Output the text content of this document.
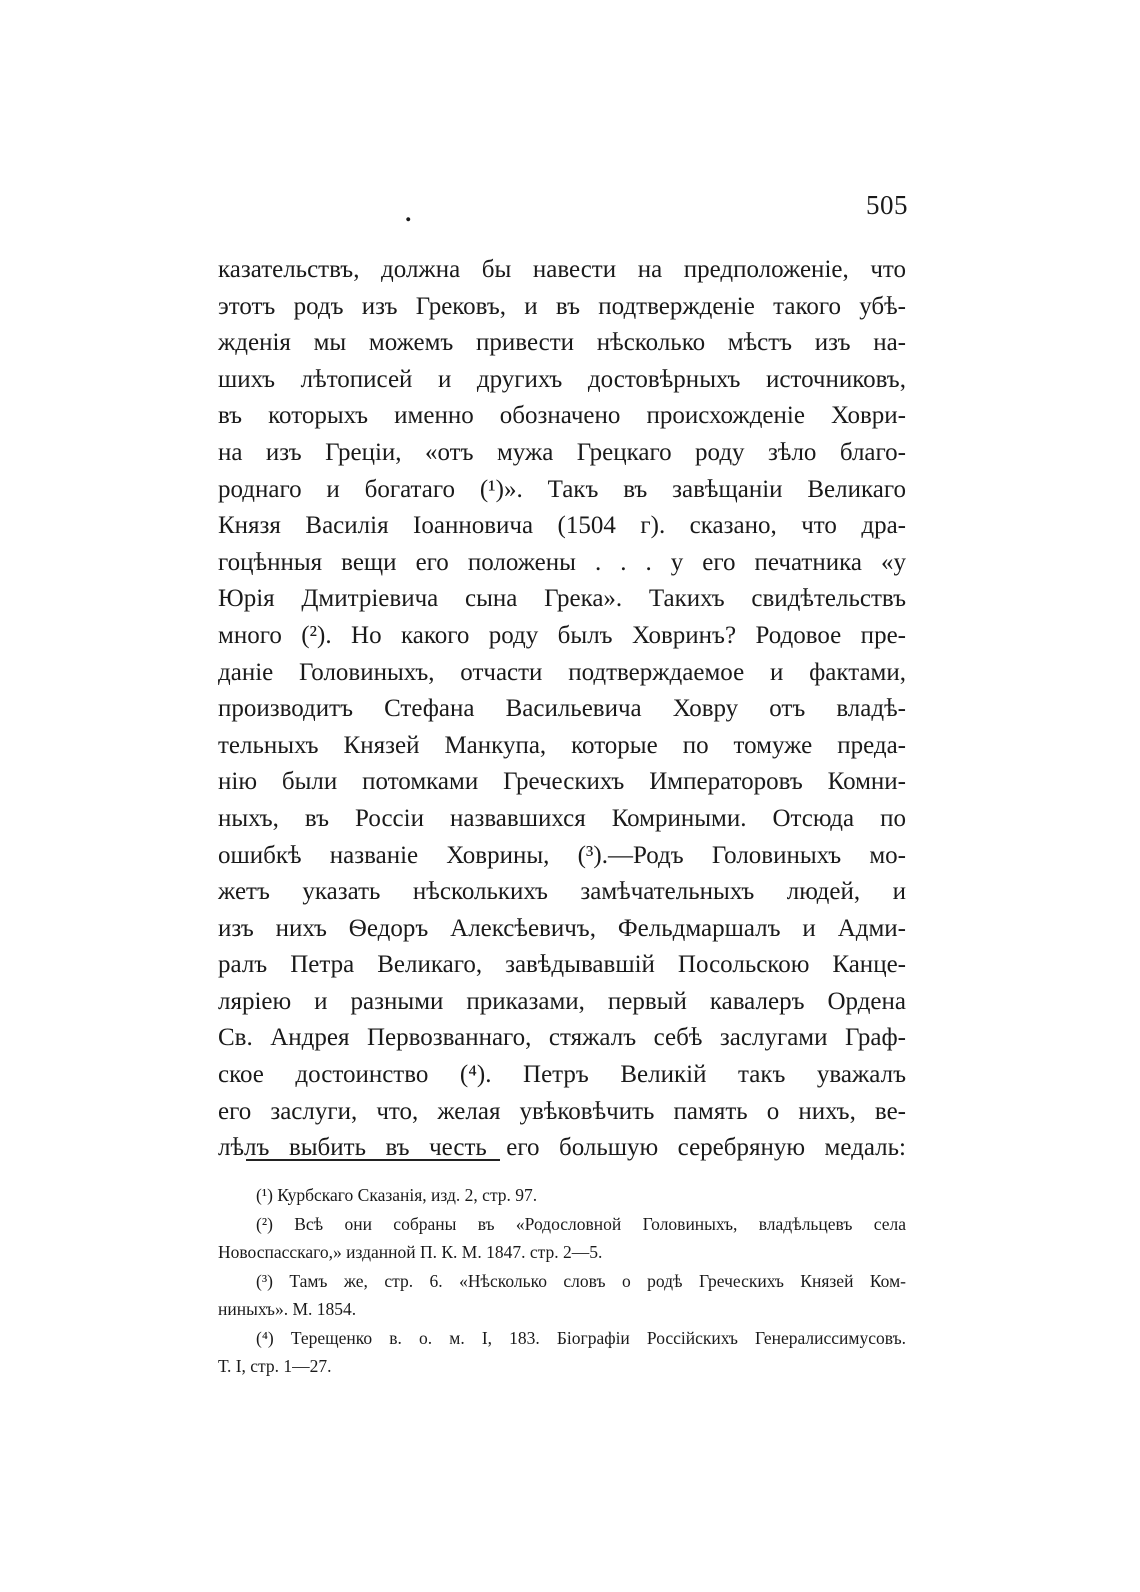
.	505
казательствъ, должна бы навести на предположеніе, что
этотъ родъ изъ Грековъ, и въ подтвержденіе такого убѣ-
жденія мы можемъ привести нѣсколько мѣстъ изъ на-
шихъ лѣтописей и другихъ достовѣрныхъ источниковъ,
въ которыхъ именно обозначено происхожденіе Ховри-
на изъ Греціи, «отъ мужа Грецкаго роду зѣло благо-
роднаго и богатаго (¹)». Такъ въ завѣщаніи Великаго
Князя Василія Іоанновича (1504 г). сказано, что дра-
гоцѣнныя вещи его положены . . . у его печатника «у
Юрія Дмитріевича сына Грека». Такихъ свидѣтельствъ
много (²). Но какого роду былъ Ховринъ? Родовое пре-
даніе Головиныхъ, отчасти подтверждаемое и фактами,
производитъ Стефана Васильевича Ховру отъ владѣ-
тельныхъ Князей Манкупа, которые по томуже преда-
нію были потомками Греческихъ Императоровъ Комни-
ныхъ, въ Россіи назвавшихся Комриными. Отсюда по
ошибкѣ названіе Ховрины, (³).—Родъ Головиныхъ мо-
жетъ указать нѣсколькихъ замѣчательныхъ людей, и
изъ нихъ Ѳедоръ Алексѣевичъ, Фельдмаршалъ и Адми-
ралъ Петра Великаго, завѣдывавшій Посольскою Канце-
ляріею и разными приказами, первый кавалеръ Ордена
Св. Андрея Первозваннаго, стяжалъ себѣ заслугами Граф-
ское достоинство (⁴). Петръ Великій такъ уважалъ
его заслуги, что, желая увѣковѣчить память о нихъ, ве-
лѣлъ выбить въ честь его большую серебряную медаль:
(¹) Курбскаго Сказанія, изд. 2, стр. 97.
(²) Всѣ они собраны въ «Родословной Головиныхъ, владѣльцевъ села
Новоспасскаго,» изданной П. К. М. 1847. стр. 2—5.
(³) Тамъ же, стр. 6. «Нѣсколько словъ о родѣ Греческихъ Князей Ком-
ниныхъ». М. 1854.
(⁴) Терещенко в. о. м. I, 183. Біографіи Россійскихъ Генералиссимусовъ.
Т. I, стр. 1—27.
